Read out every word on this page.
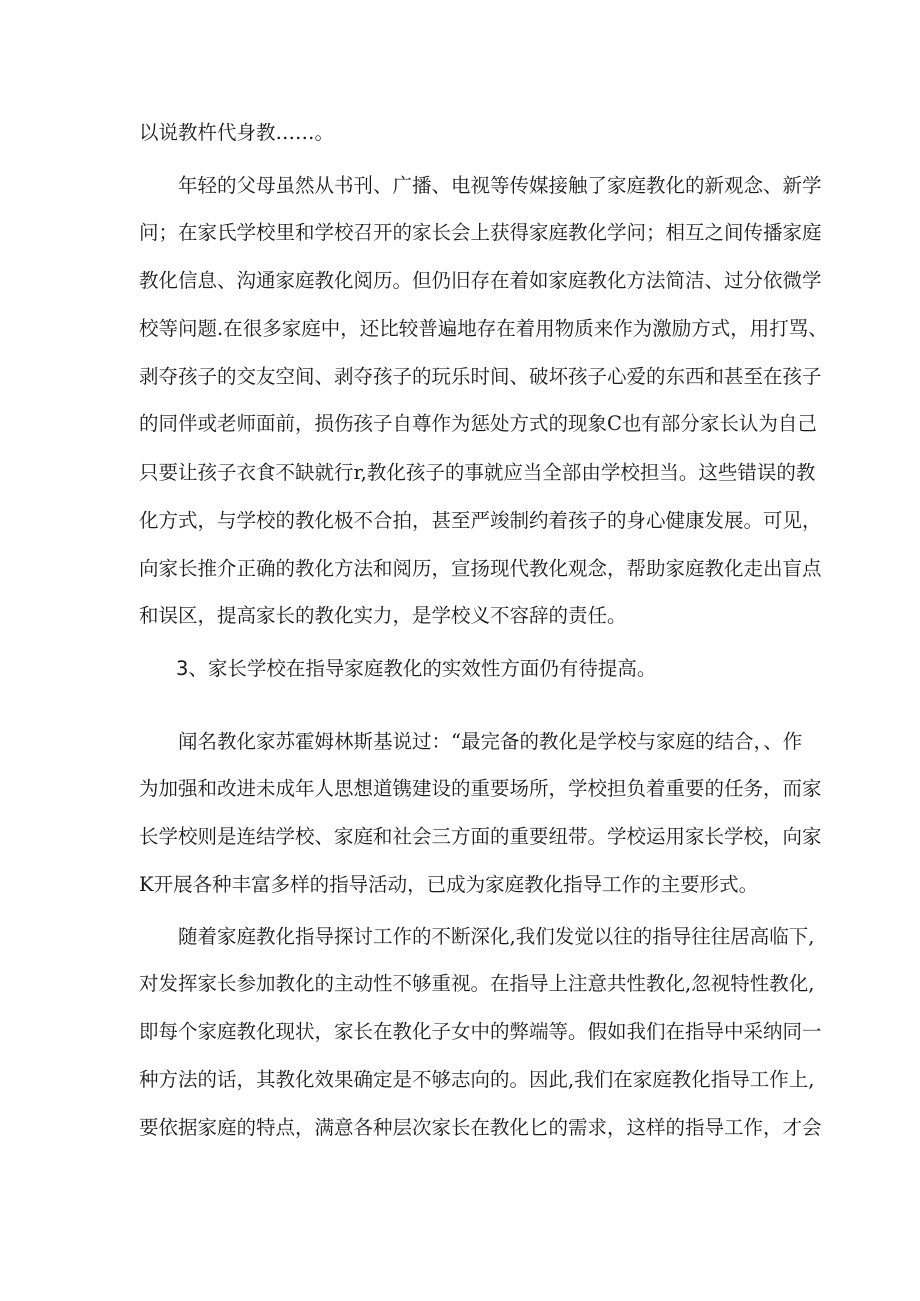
以说教杵代身教……。
年轻的父母虽然从书刊、广播、电视等传媒接触了家庭教化的新观念、新学
问；在家氏学校里和学校召开的家长会上获得家庭教化学问；相互之间传播家庭
教化信息、沟通家庭教化阅历。但仍旧存在着如家庭教化方法简洁、过分依微学
校等问题.在很多家庭中，还比较普遍地存在着用物质来作为激励方式，用打骂、
剥夺孩子的交友空间、剥夺孩子的玩乐时间、破坏孩子心爱的东西和甚至在孩子
的同伴或老师面前，损伤孩子自尊作为惩处方式的现象C也有部分家长认为自己
只要让孩子衣食不缺就行r,教化孩子的事就应当全部由学校担当。这些错误的教
化方式，与学校的教化极不合拍，甚至严竣制约着孩子的身心健康发展。可见，
向家长推介正确的教化方法和阅历，宣扬现代教化观念，帮助家庭教化走出盲点
和误区，提高家长的教化实力，是学校义不容辞的责任。
3、家长学校在指导家庭教化的实效性方面仍有待提高。
闻名教化家苏霍姆林斯基说过：“最完备的教化是学校与家庭的结合，、作
为加强和改进未成年人思想道镌建设的重要场所，学校担负着重要的任务，而家
长学校则是连结学校、家庭和社会三方面的重要纽带。学校运用家长学校，向家
K开展各种丰富多样的指导活动，已成为家庭教化指导工作的主要形式。
随着家庭教化指导探讨工作的不断深化,我们发觉以往的指导往往居高临下,
对发挥家长参加教化的主动性不够重视。在指导上注意共性教化,忽视特性教化,
即每个家庭教化现状，家长在教化子女中的弊端等。假如我们在指导中采纳同一
种方法的话，其教化效果确定是不够志向的。因此,我们在家庭教化指导工作上,
要依据家庭的特点，满意各种层次家长在教化匕的需求，这样的指导工作，才会
